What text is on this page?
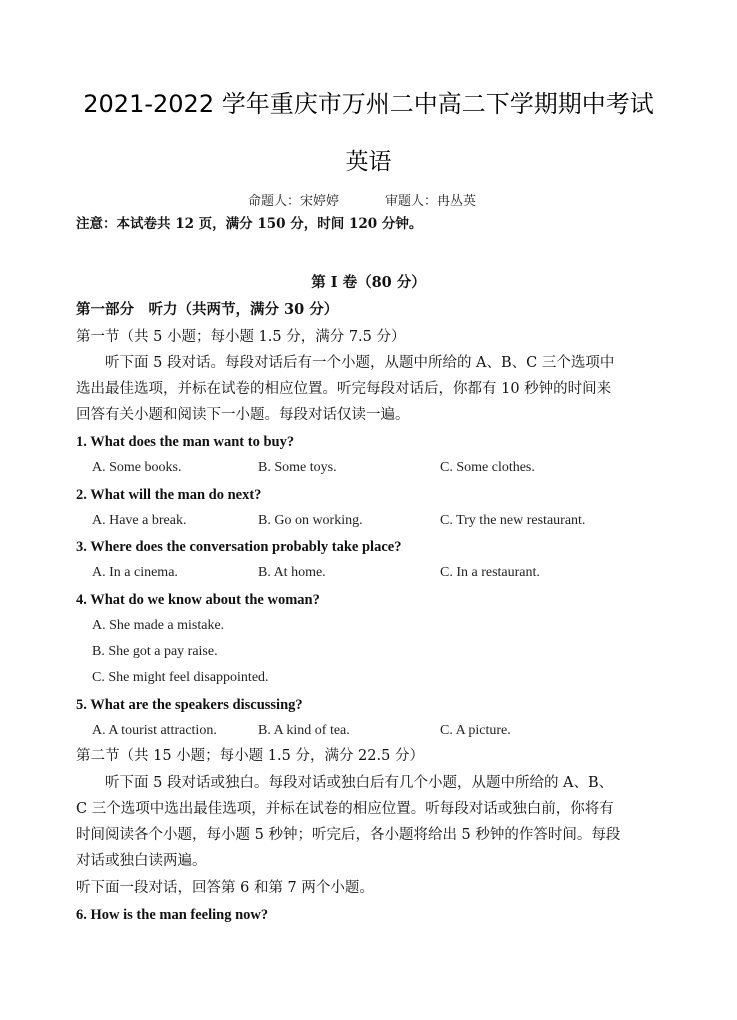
2021-2022 学年重庆市万州二中高二下学期期中考试
英语
命题人：宋婷婷	审题人：冉丛英
注意：本试卷共 12 页，满分 150 分，时间 120 分钟。
第 I 卷（80 分）
第一部分　听力（共两节，满分 30 分）
第一节（共 5 小题；每小题 1.5 分，满分 7.5 分）
　　听下面 5 段对话。每段对话后有一个小题，从题中所给的 A、B、C 三个选项中
选出最佳选项，并标在试卷的相应位置。听完每段对话后，你都有 10 秒钟的时间来
回答有关小题和阅读下一小题。每段对话仅读一遍。
1. What does the man want to buy?
A. Some books.	B. Some toys.	C. Some clothes.
2. What will the man do next?
A. Have a break.	B. Go on working.	C. Try the new restaurant.
3. Where does the conversation probably take place?
A. In a cinema.	B. At home.	C. In a restaurant.
4. What do we know about the woman?
A. She made a mistake.
B. She got a pay raise.
C. She might feel disappointed.
5. What are the speakers discussing?
A. A tourist attraction.	B. A kind of tea.	C. A picture.
第二节（共 15 小题；每小题 1.5 分，满分 22.5 分）
　　听下面 5 段对话或独白。每段对话或独白后有几个小题，从题中所给的 A、B、
C 三个选项中选出最佳选项，并标在试卷的相应位置。听每段对话或独白前，你将有
时间阅读各个小题，每小题 5 秒钟；听完后，各小题将给出 5 秒钟的作答时间。每段
对话或独白读两遍。
听下面一段对话，回答第 6 和第 7 两个小题。
6. How is the man feeling now?
